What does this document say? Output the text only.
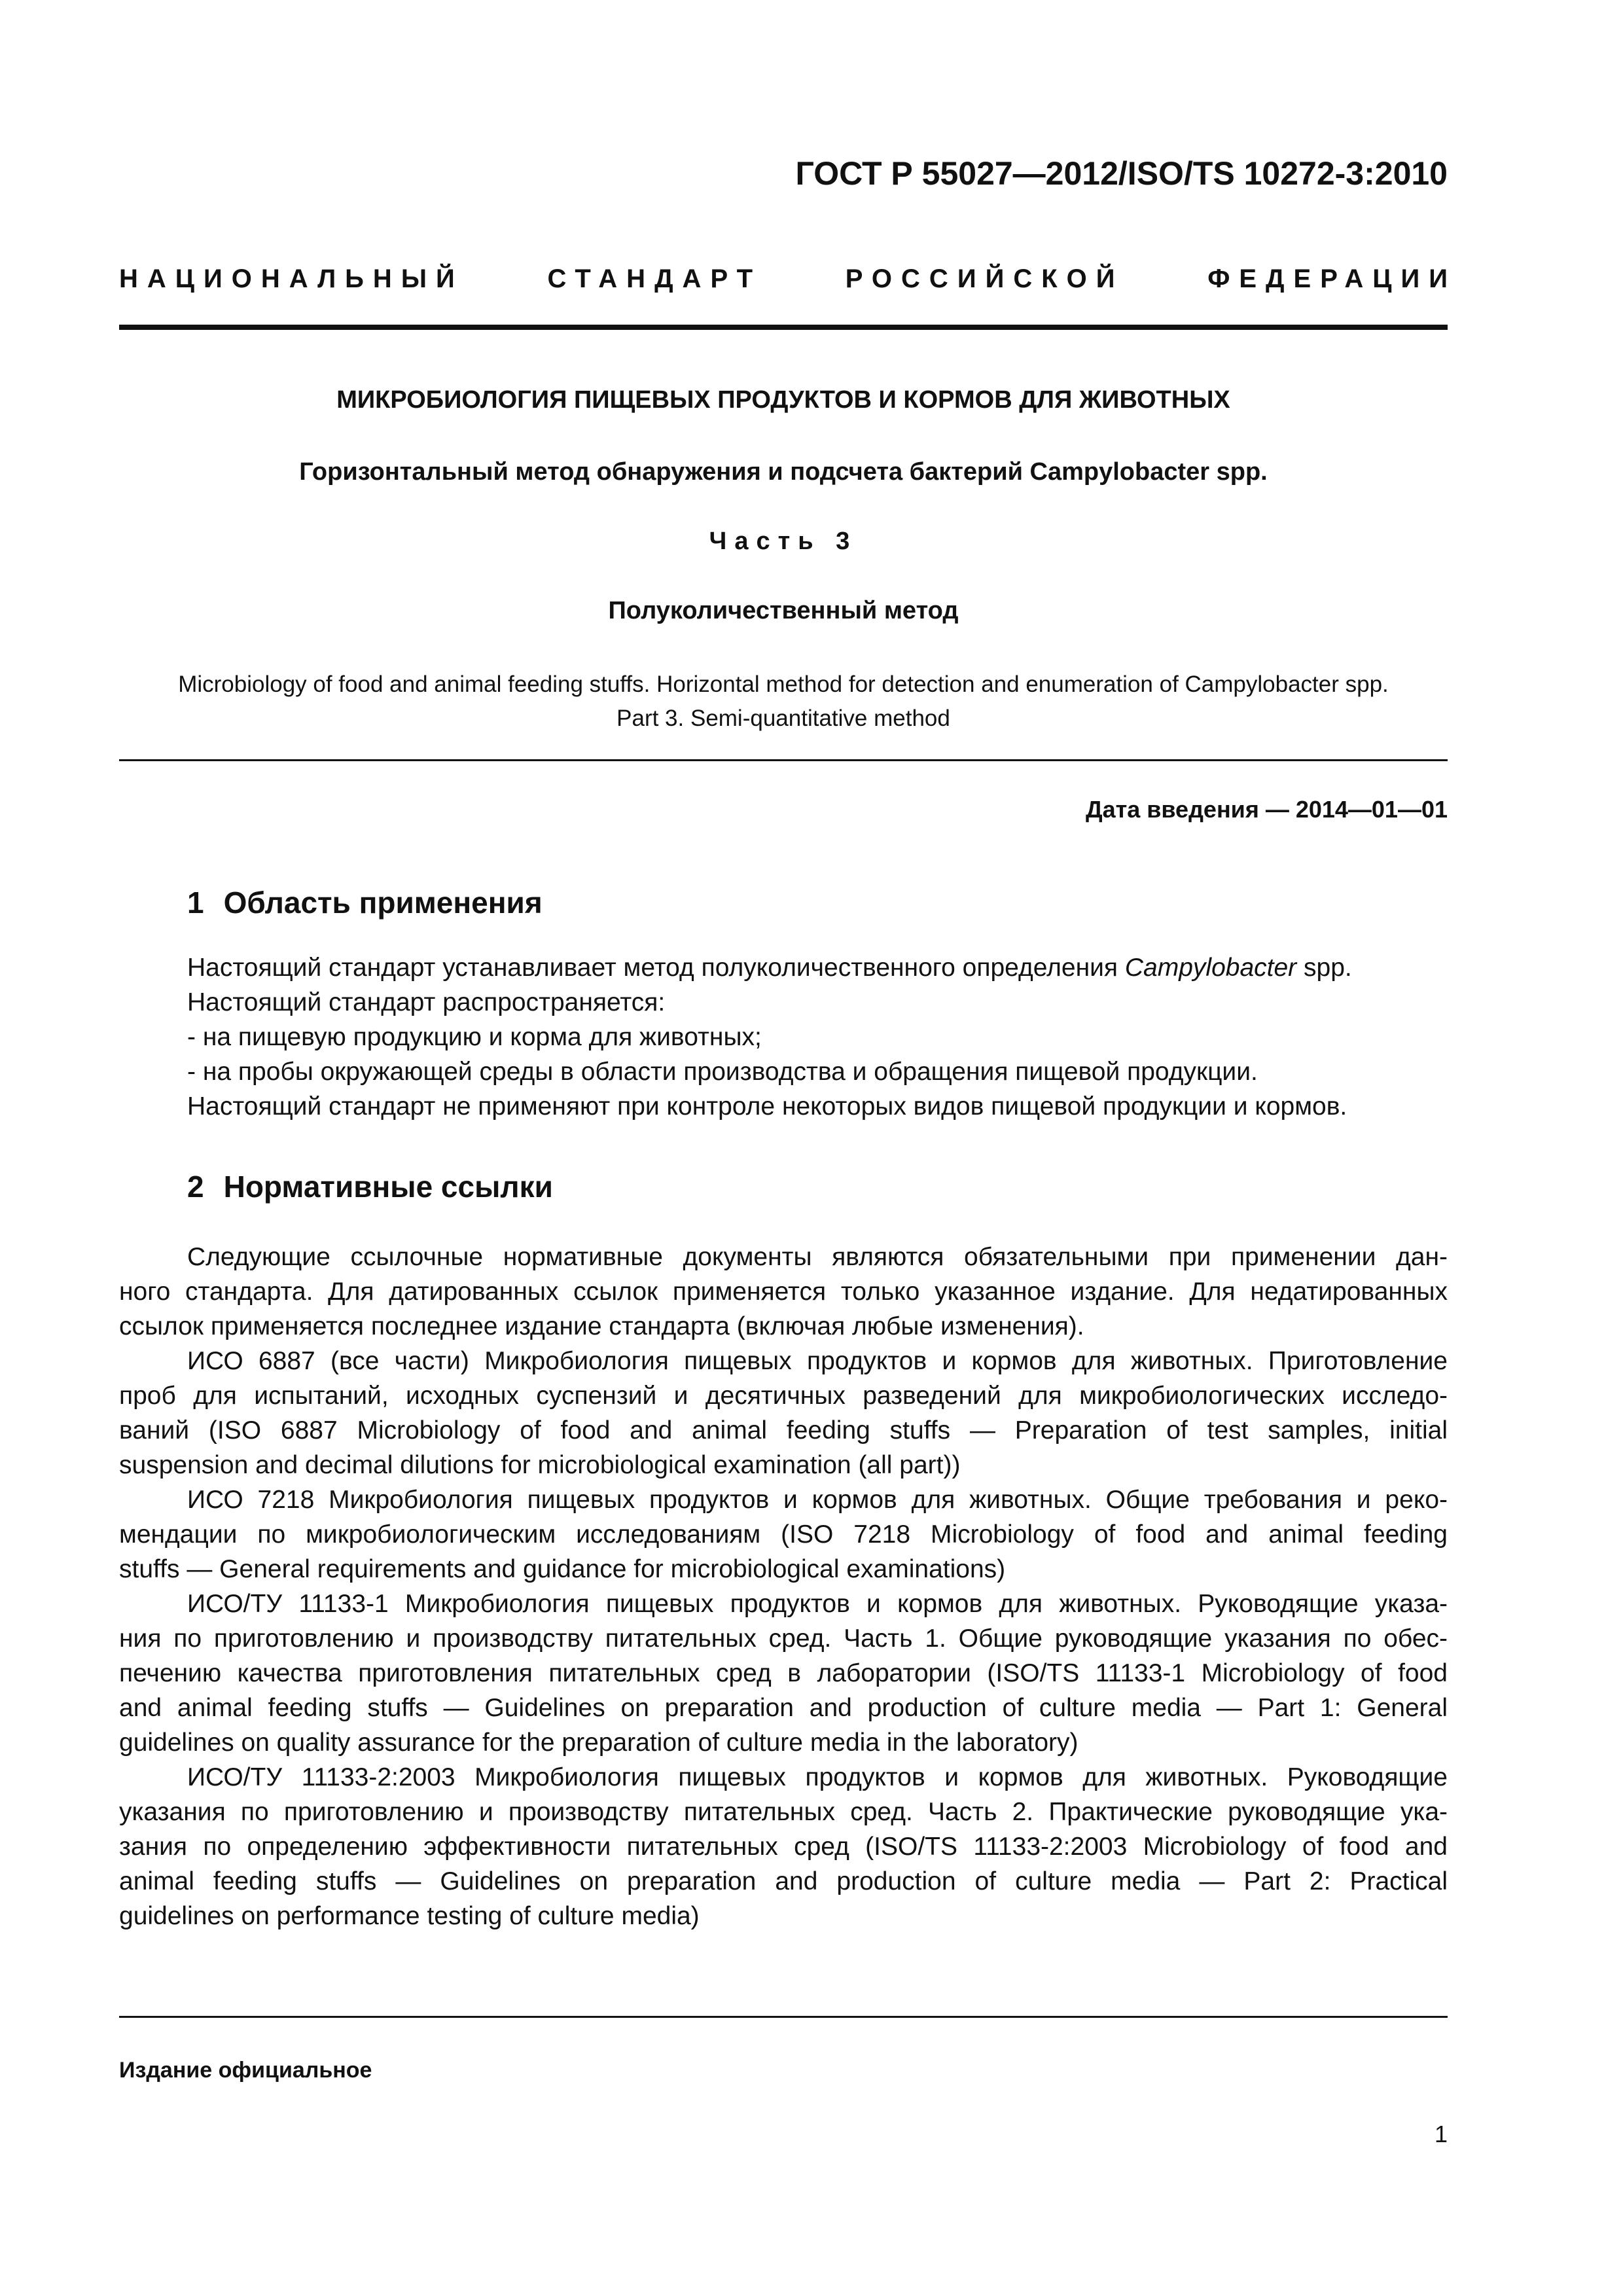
ГОСТ Р 55027—2012/ISO/TS 10272-3:2010
НАЦИОНАЛЬНЫЙ	СТАНДАРТ	РОССИЙСКОЙ	ФЕДЕРАЦИИ
МИКРОБИОЛОГИЯ ПИЩЕВЫХ ПРОДУКТОВ И КОРМОВ ДЛЯ ЖИВОТНЫХ
Горизонтальный метод обнаружения и подсчета бактерий Campylobacter spp.
Часть 3
Полуколичественный метод
Microbiology of food and animal feeding stuffs. Horizontal method for detection and enumeration of Campylobacter spp.
Part 3. Semi-quantitative method
Дата введения — 2014—01—01
1 Область применения
Настоящий стандарт устанавливает метод полуколичественного определения Campylobacter spp.
Настоящий стандарт распространяется:
- на пищевую продукцию и корма для животных;
- на пробы окружающей среды в области производства и обращения пищевой продукции.
Настоящий стандарт не применяют при контроле некоторых видов пищевой продукции и кормов.
2 Нормативные ссылки
Следующие ссылочные нормативные документы являются обязательными при применении дан-
ного стандарта. Для датированных ссылок применяется только указанное издание. Для недатированных
ссылок применяется последнее издание стандарта (включая любые изменения).
ИСО 6887 (все части) Микробиология пищевых продуктов и кормов для животных. Приготовление
проб для испытаний, исходных суспензий и десятичных разведений для микробиологических исследо-
ваний (ISO 6887 Microbiology of food and animal feeding stuffs — Preparation of test samples, initial
suspension and decimal dilutions for microbiological examination (all part))
ИСО 7218 Микробиология пищевых продуктов и кормов для животных. Общие требования и реко-
мендации по микробиологическим исследованиям (ISO 7218 Microbiology of food and animal feeding
stuffs — General requirements and guidance for microbiological examinations)
ИСО/ТУ 11133-1 Микробиология пищевых продуктов и кормов для животных. Руководящие указа-
ния по приготовлению и производству питательных сред. Часть 1. Общие руководящие указания по обес-
печению качества приготовления питательных сред в лаборатории (ISO/TS 11133-1 Microbiology of food
and animal feeding stuffs — Guidelines on preparation and production of culture media — Part 1: General
guidelines on quality assurance for the preparation of culture media in the laboratory)
ИСО/ТУ 11133-2:2003 Микробиология пищевых продуктов и кормов для животных. Руководящие
указания по приготовлению и производству питательных сред. Часть 2. Практические руководящие ука-
зания по определению эффективности питательных сред (ISO/TS 11133-2:2003 Microbiology of food and
animal feeding stuffs — Guidelines on preparation and production of culture media — Part 2: Practical
guidelines on performance testing of culture media)
Издание официальное
1
